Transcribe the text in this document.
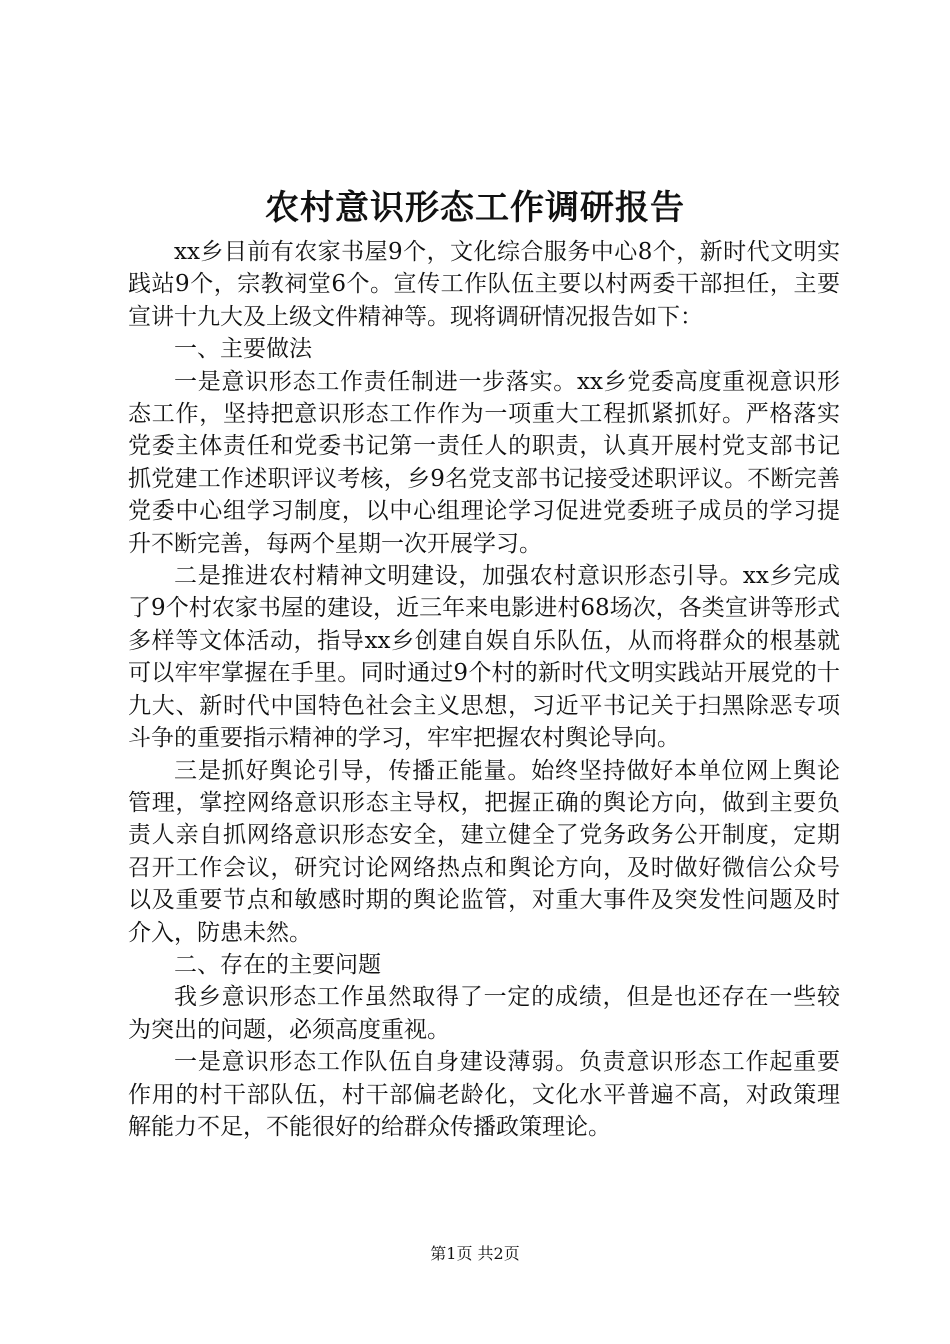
农村意识形态工作调研报告

xx乡目前有农家书屋9个，文化综合服务中心8个，新时代文明实践站9个，宗教祠堂6个。宣传工作队伍主要以村两委干部担任，主要宣讲十九大及上级文件精神等。现将调研情况报告如下：

一、主要做法

一是意识形态工作责任制进一步落实。xx乡党委高度重视意识形态工作，坚持把意识形态工作作为一项重大工程抓紧抓好。严格落实党委主体责任和党委书记第一责任人的职责，认真开展村党支部书记抓党建工作述职评议考核，乡9名党支部书记接受述职评议。不断完善党委中心组学习制度，以中心组理论学习促进党委班子成员的学习提升不断完善，每两个星期一次开展学习。

二是推进农村精神文明建设，加强农村意识形态引导。xx乡完成了9个村农家书屋的建设，近三年来电影进村68场次，各类宣讲等形式多样等文体活动，指导xx乡创建自娱自乐队伍，从而将群众的根基就可以牢牢掌握在手里。同时通过9个村的新时代文明实践站开展党的十九大、新时代中国特色社会主义思想，习近平书记关于扫黑除恶专项斗争的重要指示精神的学习，牢牢把握农村舆论导向。

三是抓好舆论引导，传播正能量。始终坚持做好本单位网上舆论管理，掌控网络意识形态主导权，把握正确的舆论方向，做到主要负责人亲自抓网络意识形态安全，建立健全了党务政务公开制度，定期召开工作会议，研究讨论网络热点和舆论方向，及时做好微信公众号以及重要节点和敏感时期的舆论监管，对重大事件及突发性问题及时介入，防患未然。

二、存在的主要问题

我乡意识形态工作虽然取得了一定的成绩，但是也还存在一些较为突出的问题，必须高度重视。

一是意识形态工作队伍自身建设薄弱。负责意识形态工作起重要作用的村干部队伍，村干部偏老龄化，文化水平普遍不高，对政策理解能力不足，不能很好的给群众传播政策理论。

第1页 共2页
